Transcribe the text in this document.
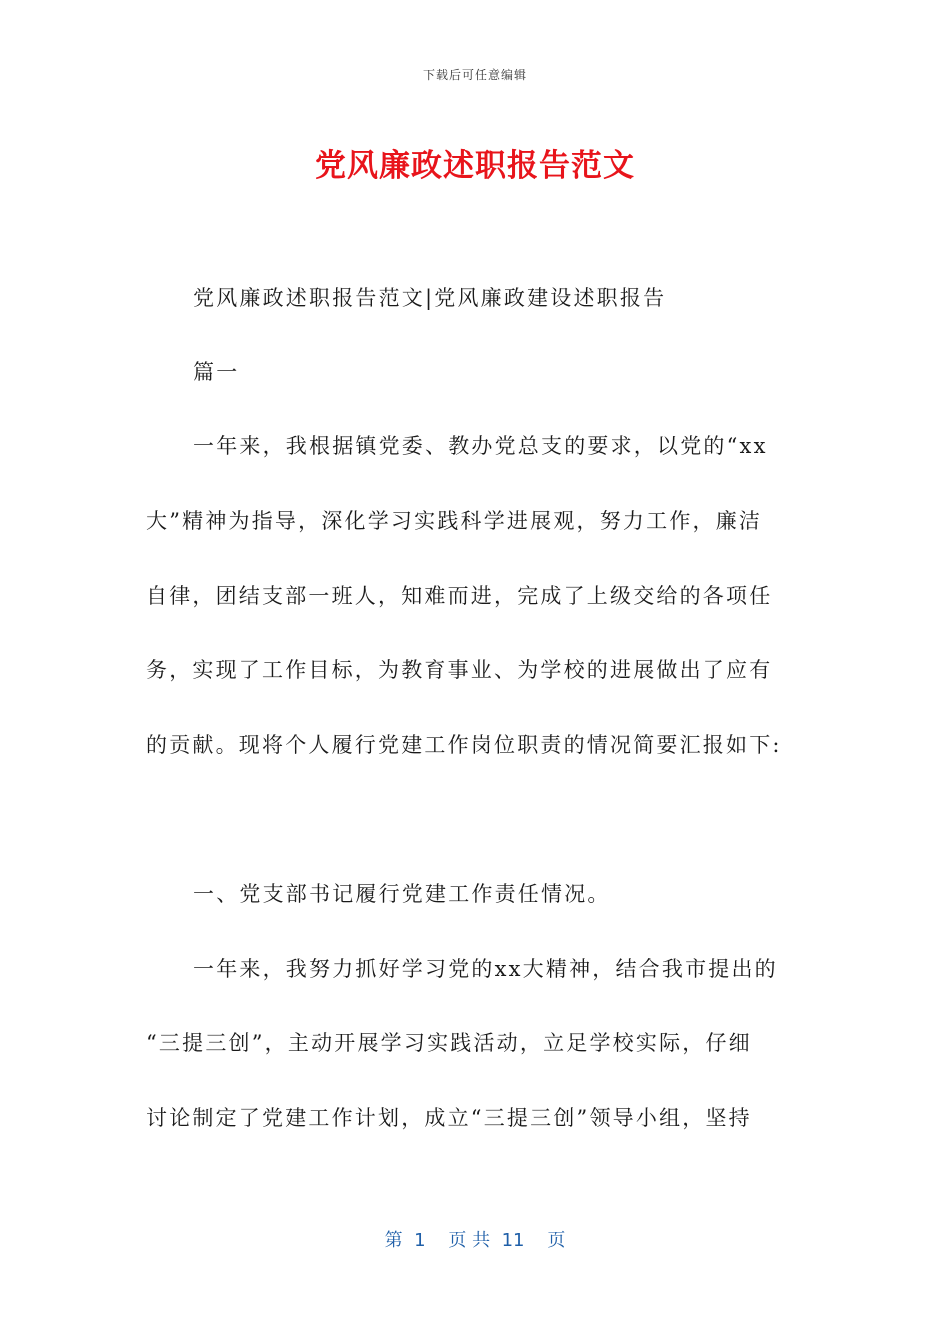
下载后可任意编辑
党风廉政述职报告范文
党风廉政述职报告范文|党风廉政建设述职报告
篇一
一年来，我根据镇党委、教办党总支的要求，以党的“xx
大”精神为指导，深化学习实践科学进展观，努力工作，廉洁
自律，团结支部一班人，知难而进，完成了上级交给的各项任
务，实现了工作目标，为教育事业、为学校的进展做出了应有
的贡献。现将个人履行党建工作岗位职责的情况简要汇报如下:
一、党支部书记履行党建工作责任情况。
一年来，我努力抓好学习党的xx大精神，结合我市提出的
“三提三创”，主动开展学习实践活动，立足学校实际，仔细
讨论制定了党建工作计划，成立“三提三创”领导小组，坚持
第  1    页 共  11    页
